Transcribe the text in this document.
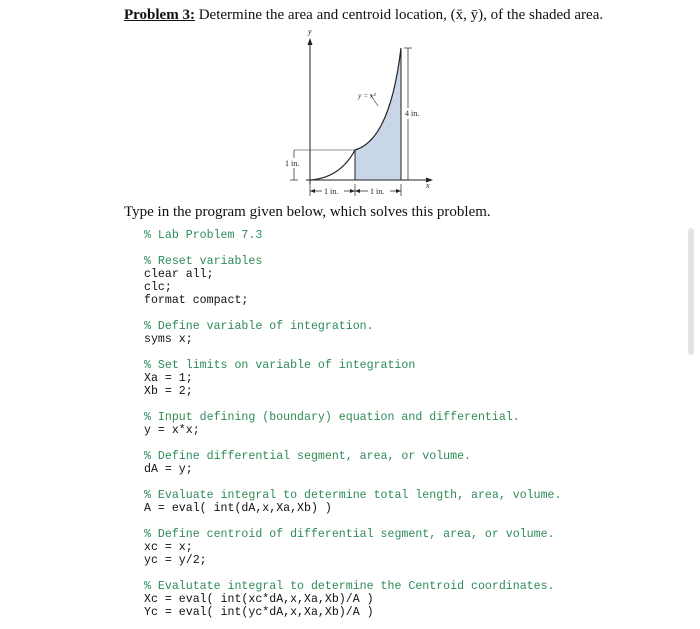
Problem 3: Determine the area and centroid location, (x̄, ȳ), of the shaded area.
y
x
y = x²
4 in.
1 in.
1 in.	1 in.
Type in the program given below, which solves this problem.
% Lab Problem 7.3
% Reset variables
clear all;
clc;
format compact;
% Define variable of integration.
syms x;
% Set limits on variable of integration
Xa = 1;
Xb = 2;
% Input defining (boundary) equation and differential.
y = x*x;
% Define differential segment, area, or volume.
dA = y;
% Evaluate integral to determine total length, area, volume.
A = eval( int(dA,x,Xa,Xb) )
% Define centroid of differential segment, area, or volume.
xc = x;
yc = y/2;
% Evalutate integral to determine the Centroid coordinates.
Xc = eval( int(xc*dA,x,Xa,Xb)/A )
Yc = eval( int(yc*dA,x,Xa,Xb)/A )
